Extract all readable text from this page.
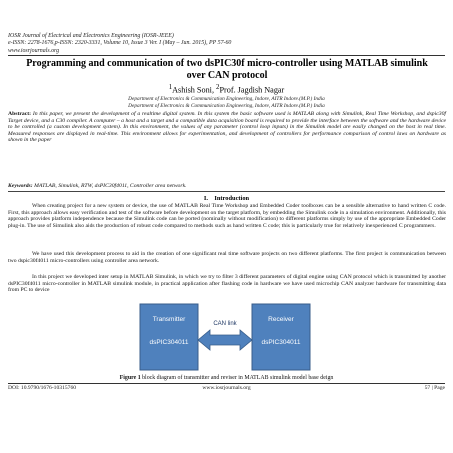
IOSR Journal of Electrical and Electronics Engineering (IOSR-JEEE)
e-ISSN: 2278-1676,p-ISSN: 2320-3331, Volume 10, Issue 3 Ver. I (May – Jun. 2015), PP 57-60
www.iosrjournals.org
Programming and communication of two dsPIC30f micro-controller using MATLAB simulink over CAN protocol
$^1$Ashish Soni, $^2$Prof. Jagdish Nagar
Department of Electronics & Communication Engineering, Indore, AITR Indore.(M.P.) India
Department of Electronics & Communication Engineering, Indore, AITR Indore.(M.P.) India
Abstract: In this paper, we present the development of a realtime digital system. In this system the basic software used is MATLAB along with Simulink, Real Time Workshop, and dspic30f Target device, and a C30 compiler. A computer – a host and a target and a compatible data acquisition board is required to provide the interface between the software and the hardware device to be controlled (a custom development system). In this environment, the values of any parameter (control loop inputs) in the Simulink model are easily changed on the host in real time. Measured responses are displayed in real-time. This environment allows for experimentation, and development of controllers for performance comparison of control laws on hardware as shown in the paper
Keywords: MATLAB, Simulink, RTW, dsPIC30f4011, Controller area network.
I. Introduction
When creating project for a new system or device, the use of MATLAB Real Time Workshop and Embedded Coder toolboxes can be a sensible alternative to hand written C code. First, this approach allows easy verification and test of the software before development on the target platform, by embedding the Simulink code in a simulation environment. Additionally, this approach provides platform independence because the Simulink code can be ported (nominally without modification) to different platforms simply by use of the appropriate Embedded Coder plug-in. The use of Simulink also aids the production of robust code compared to methods such as hand written C code; this is particularly true for relatively inexperienced C programmers.
We have used this development process to aid in the creation of one significant real time software projects on two different platforms. The first project is communication between two dspic30f4011 micro-controllers using controller area network.
In this project we developed inter setup in MATLAB Simulink, in which we try to filter 3 different parameters of digital engine using CAN protocol which is transmitted by another dsPIC30f4011 micro-controller in MATLAB simulink module, in practical application after flashing code in hardware we have used microchip CAN analyzer hardware for transmitting data from PC to device
Transmitter
dsPIC304011
Receiver
dsPIC304011
CAN link
Figure 1 block diagram of transmitter and reviser in MATLAB simulink model base deign
DOI: 10.9790/1676-10315760	www.iosrjournals.org	57 | Page
